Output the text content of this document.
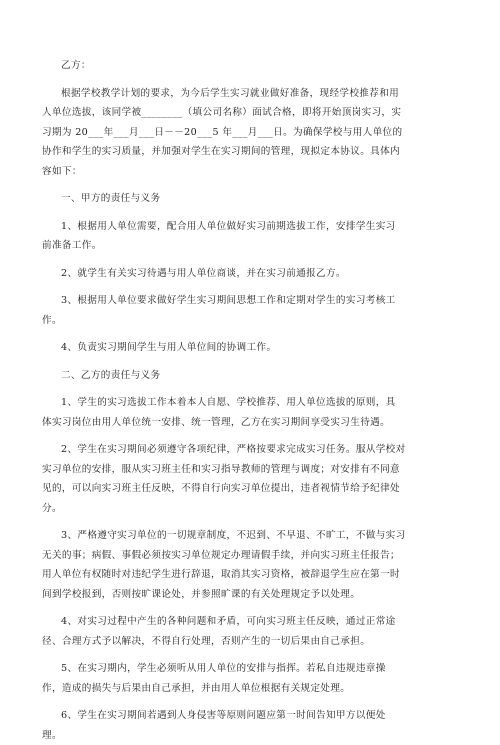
乙方：
根据学校教学计划的要求，为今后学生实习就业做好准备，现经学校推荐和用
人单位选拔，该同学被________（填公司名称）面试合格，即将开始顶岗实习，实
习期为 20___年___月___日－－20___5 年___月___日。为确保学校与用人单位的
协作和学生的实习质量，并加强对学生在实习期间的管理，现拟定本协议。具体内
容如下：
一、甲方的责任与义务
1、根据用人单位需要，配合用人单位做好实习前期选拔工作，安排学生实习
前准备工作。
2、就学生有关实习待遇与用人单位商谈，并在实习前通报乙方。
3、根据用人单位要求做好学生实习期间思想工作和定期对学生的实习考核工
作。
4、负责实习期间学生与用人单位间的协调工作。
二、乙方的责任与义务
1、学生的实习选拔工作本着本人自愿、学校推荐、用人单位选拔的原则，具
体实习岗位由用人单位统一安排、统一管理，乙方在实习期间享受实习生待遇。
2、学生在实习期间必须遵守各项纪律，严格按要求完成实习任务。服从学校对
实习单位的安排，服从实习班主任和实习指导教师的管理与调度；对安排有不同意
见的，可以向实习班主任反映，不得自行向实习单位提出，违者视情节给予纪律处
分。
3、严格遵守实习单位的一切规章制度，不迟到、不早退、不旷工，不做与实习
无关的事；病假、事假必须按实习单位规定办理请假手续，并向实习班主任报告；
用人单位有权随时对违纪学生进行辞退，取消其实习资格，被辞退学生应在第一时
间到学校报到，否则按旷课论处，并参照旷课的有关处理规定予以处理。
4、对实习过程中产生的各种问题和矛盾，可向实习班主任反映，通过正常途
径、合理方式予以解决，不得自行处理，否则产生的一切后果由自己承担。
5、在实习期内，学生必须听从用人单位的安排与指挥。若私自违规违章操
作，造成的损失与后果由自己承担，并由用人单位根据有关规定处理。
6、学生在实习期间若遇到人身侵害等原则问题应第一时间告知甲方以便处
理。
